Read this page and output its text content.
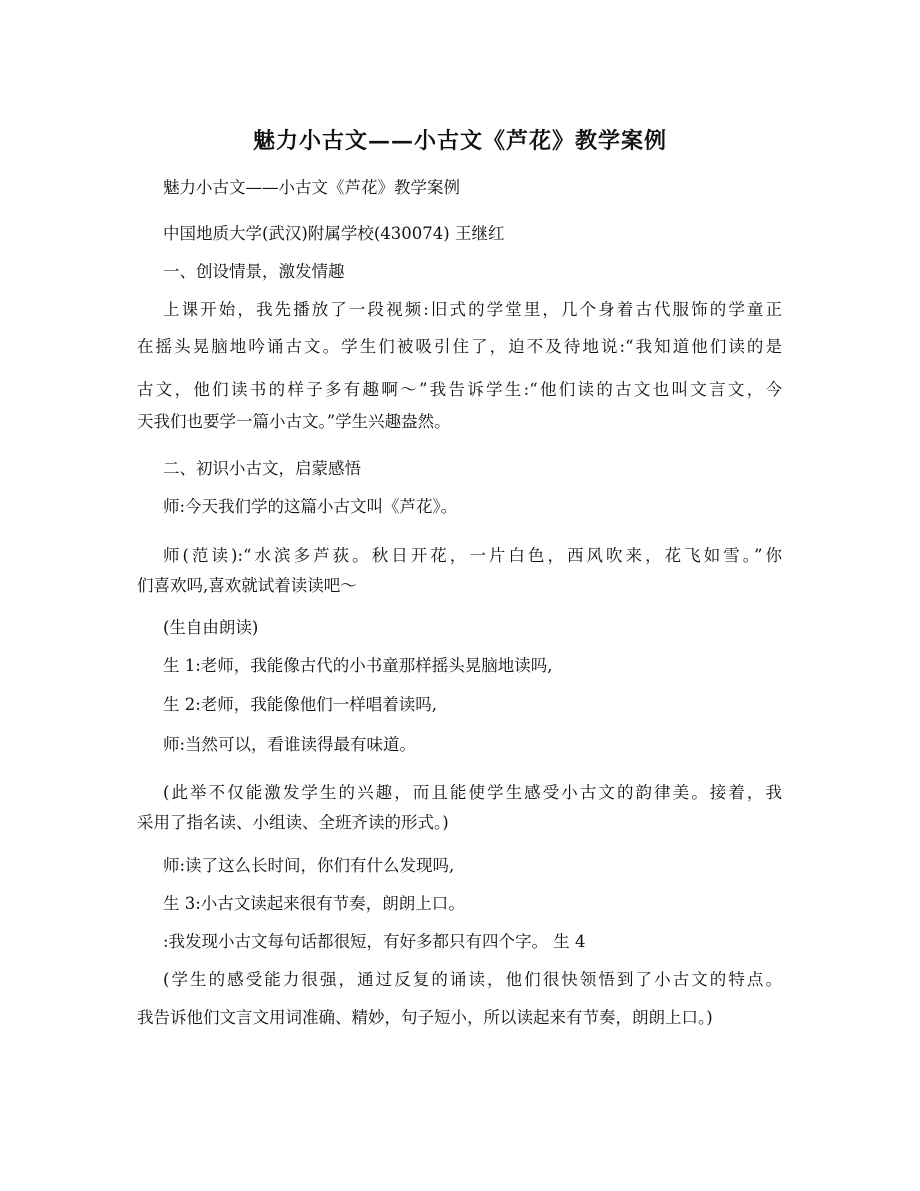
魅力小古文——小古文《芦花》教学案例
魅力小古文——小古文《芦花》教学案例
中国地质大学(武汉)附属学校(430074) 王继红
一、创设情景，激发情趣
上课开始，我先播放了一段视频:旧式的学堂里，几个身着古代服饰的学童正
在摇头晃脑地吟诵古文。学生们被吸引住了，迫不及待地说:“我知道他们读的是
古文，他们读书的样子多有趣啊～”我告诉学生:“他们读的古文也叫文言文，今
天我们也要学一篇小古文。”学生兴趣盎然。
二、初识小古文，启蒙感悟
师:今天我们学的这篇小古文叫《芦花》。
师(范读):“水滨多芦荻。秋日开花，一片白色，西风吹来，花飞如雪。”你
们喜欢吗,喜欢就试着读读吧～
(生自由朗读)
生 1:老师，我能像古代的小书童那样摇头晃脑地读吗,
生 2:老师，我能像他们一样唱着读吗,
师:当然可以，看谁读得最有味道。
(此举不仅能激发学生的兴趣，而且能使学生感受小古文的韵律美。接着，我
采用了指名读、小组读、全班齐读的形式。)
师:读了这么长时间，你们有什么发现吗,
生 3:小古文读起来很有节奏，朗朗上口。
:我发现小古文每句话都很短，有好多都只有四个字。 生 4
(学生的感受能力很强，通过反复的诵读，他们很快领悟到了小古文的特点。
我告诉他们文言文用词准确、精妙，句子短小，所以读起来有节奏，朗朗上口。)
